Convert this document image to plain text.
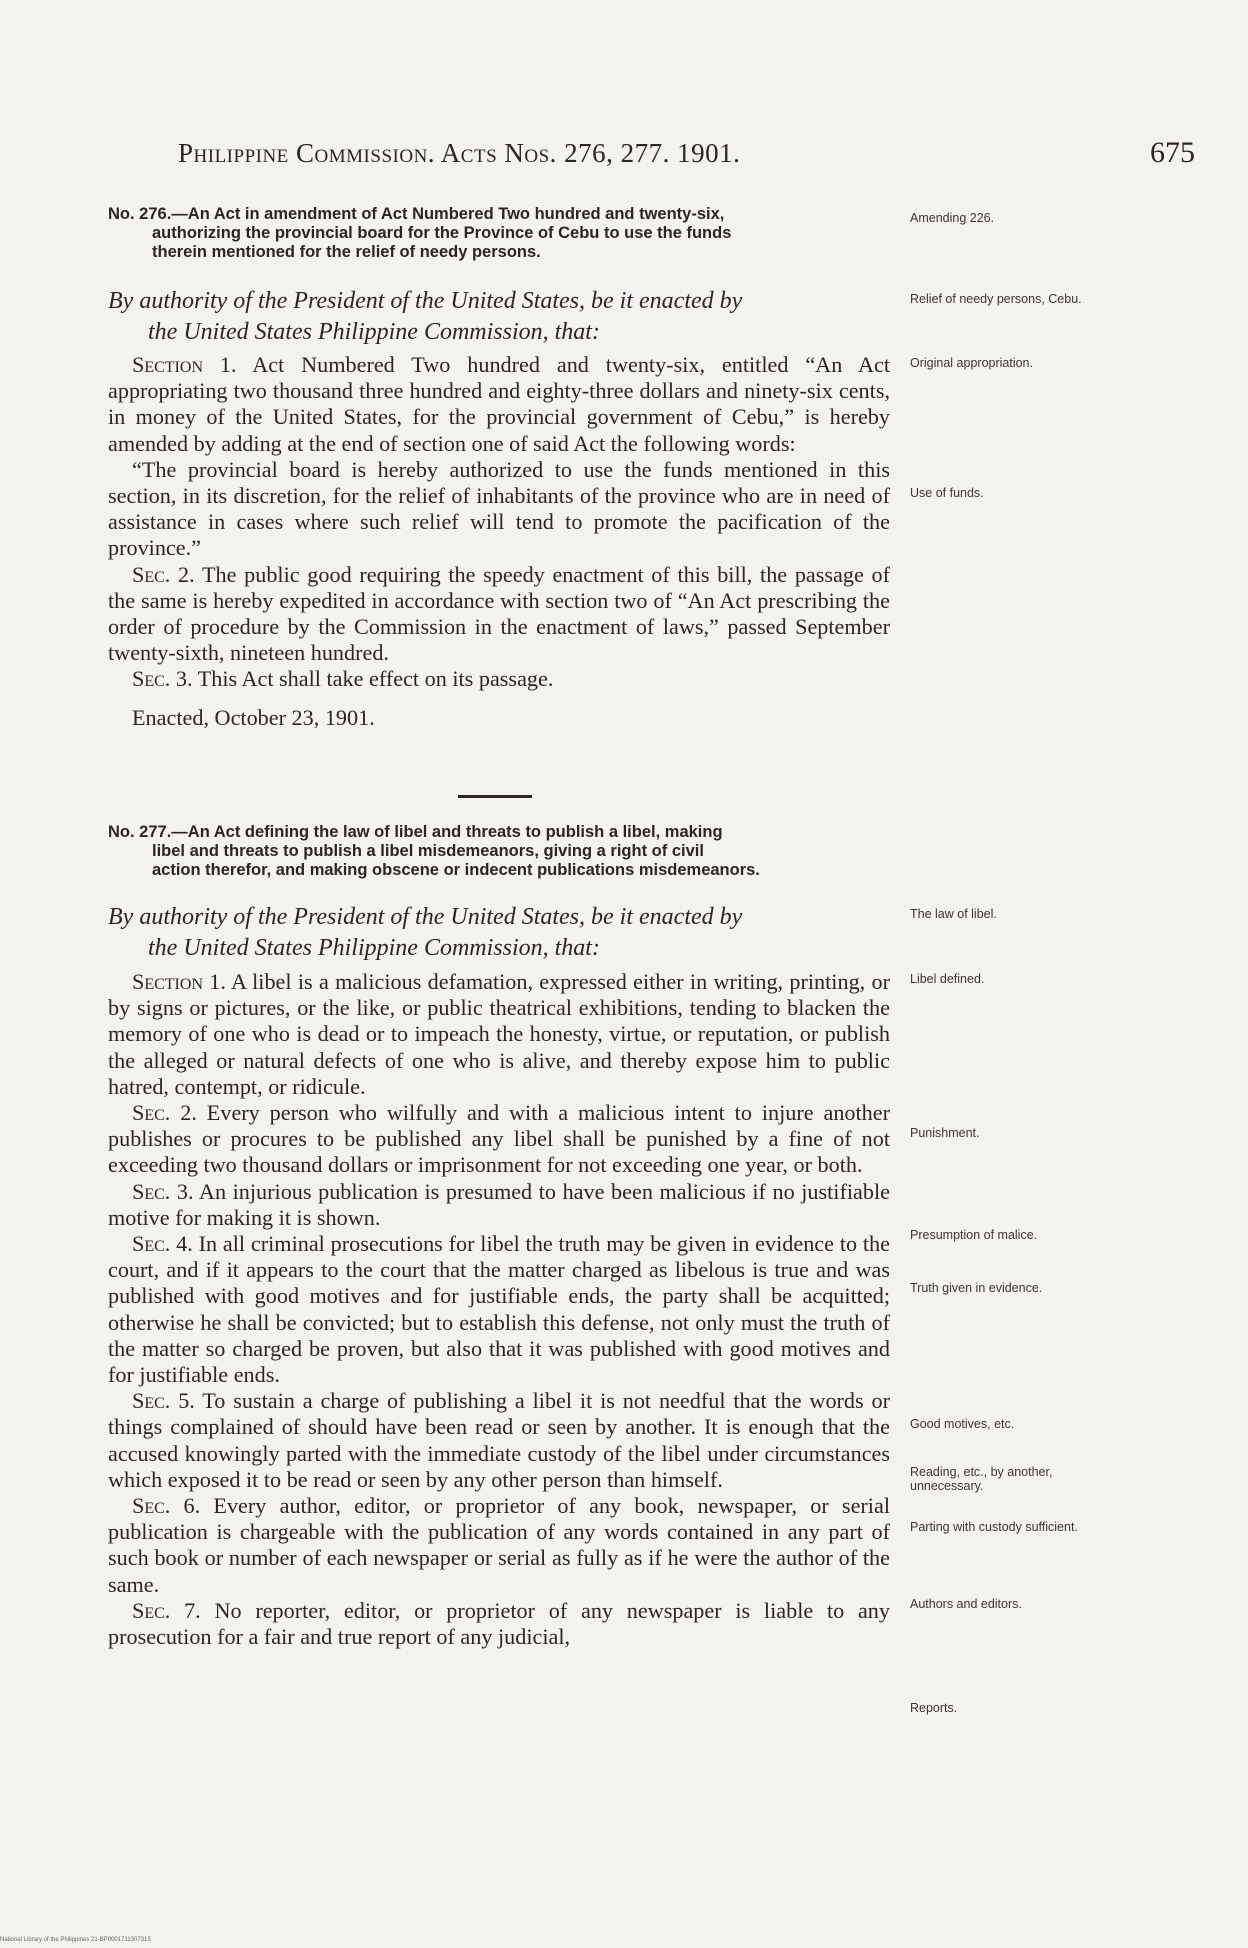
Philippine Commission. Acts Nos. 276, 277. 1901.	675
No. 276.—An Act in amendment of Act Numbered Two hundred and twenty-six,
authorizing the provincial board for the Province of Cebu to use the funds
therein mentioned for the relief of needy persons.
By authority of the President of the United States, be it enacted by
the United States Philippine Commission, that:

Section 1. Act Numbered Two hundred and twenty-six, entitled “An Act appropriating two thousand three hundred and eighty-three dollars and ninety-six cents, in money of the United States, for the provincial government of Cebu,” is hereby amended by adding at the end of section one of said Act the following words:

“The provincial board is hereby authorized to use the funds mentioned in this section, in its discretion, for the relief of inhabitants of the province who are in need of assistance in cases where such relief will tend to promote the pacification of the province.”

Sec. 2. The public good requiring the speedy enactment of this bill, the passage of the same is hereby expedited in accordance with section two of “An Act prescribing the order of procedure by the Commission in the enactment of laws,” passed September twenty-sixth, nineteen hundred.

Sec. 3. This Act shall take effect on its passage.

Enacted, October 23, 1901.

Amending 226.
Relief of needy persons, Cebu.
Original appropriation.
Use of funds.
No. 277.—An Act defining the law of libel and threats to publish a libel, making
libel and threats to publish a libel misdemeanors, giving a right of civil
action therefor, and making obscene or indecent publications misdemeanors.
By authority of the President of the United States, be it enacted by
the United States Philippine Commission, that:

Section 1. A libel is a malicious defamation, expressed either in writing, printing, or by signs or pictures, or the like, or public theatrical exhibitions, tending to blacken the memory of one who is dead or to impeach the honesty, virtue, or reputation, or publish the alleged or natural defects of one who is alive, and thereby expose him to public hatred, contempt, or ridicule.

Sec. 2. Every person who wilfully and with a malicious intent to injure another publishes or procures to be published any libel shall be punished by a fine of not exceeding two thousand dollars or imprisonment for not exceeding one year, or both.

Sec. 3. An injurious publication is presumed to have been malicious if no justifiable motive for making it is shown.

Sec. 4. In all criminal prosecutions for libel the truth may be given in evidence to the court, and if it appears to the court that the matter charged as libelous is true and was published with good motives and for justifiable ends, the party shall be acquitted; otherwise he shall be convicted; but to establish this defense, not only must the truth of the matter so charged be proven, but also that it was published with good motives and for justifiable ends.

Sec. 5. To sustain a charge of publishing a libel it is not needful that the words or things complained of should have been read or seen by another. It is enough that the accused knowingly parted with the immediate custody of the libel under circumstances which exposed it to be read or seen by any other person than himself.

Sec. 6. Every author, editor, or proprietor of any book, newspaper, or serial publication is chargeable with the publication of any words contained in any part of such book or number of each newspaper or serial as fully as if he were the author of the same.

Sec. 7. No reporter, editor, or proprietor of any newspaper is liable to any prosecution for a fair and true report of any judicial,

The law of libel.
Libel defined.
Punishment.
Presumption of malice.
Truth given in evidence.
Good motives, etc.
Reading, etc., by another, unnecessary.
Parting with custody sufficient.
Authors and editors.
Reports.
National Library of the Philippines 21-BP0001711307313
